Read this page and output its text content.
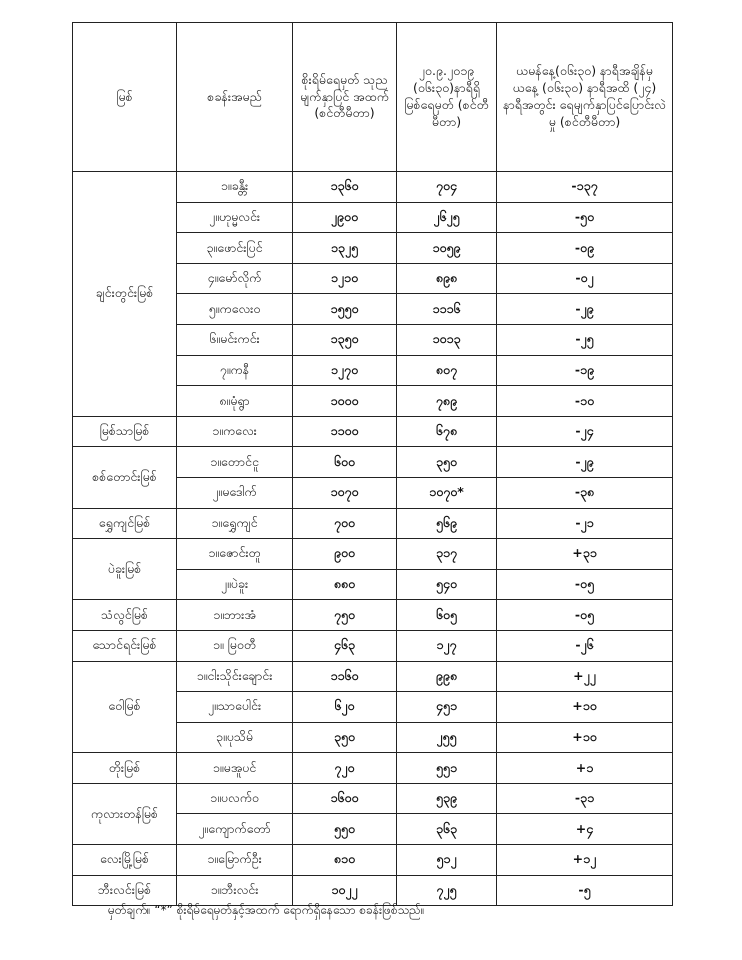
မြစ်	စခန်းအမည်	စိုးရိမ်ရေမှတ် သုည မျက်နှာပြင် အထက် (စင်တီမီတာ)	၂၀.၉.၂၀၁၉ (၀၆း၃၀)နာရီရှိ မြစ်ရေမှတ် (စင်တီမီတာ)	ယမန်နေ့(၀၆း၃၀) နာရီအချိန်မှ ယနေ့ (၀၆း၃၀) နာရီအထိ (၂၄) နာရီအတွင်း ရေမျက်နှာပြင်ပြောင်းလဲမှု (စင်တီမီတာ)

ချင်းတွင်းမြစ်	၁။ခန္တီး	၁၃၆၀	၇၀၄	-၁၃၇
	၂။ဟုမ္မလင်း	၂၉၀၀	၂၆၂၅	-၅၀
	၃။ဖောင်းပြင်	၁၃၂၅	၁၀၅၉	-၀၉
	၄။မော်လိုက်	၁၂၁၀	၈၉၈	-၀၂
	၅။ကလေးဝ	၁၅၅၀	၁၁၁၆	-၂၉
	၆။မင်းကင်း	၁၃၅၀	၁၀၁၃	-၂၅
	၇။ကနီ	၁၂၇၀	၈၀၇	-၁၉
	၈။မုံရွာ	၁၀၀၀	၇၈၉	-၁၀
မြစ်သာမြစ်	၁။ကလေး	၁၁၀၀	၆၇၈	-၂၄
စစ်တောင်းမြစ်	၁။တောင်ငူ	၆၀၀	၃၅၀	-၂၉
	၂။မဒေါက်	၁၀၇၀	၁၀၇၀*	-၃၈
ရွှေကျင်မြစ်	၁။ရွှေကျင်	၇၀၀	၅၆၉	-၂၁
ပဲခူးမြစ်	၁။ဇောင်းတူ	၉၀၀	၃၁၇	+၃၁
	၂။ပဲခူး	၈၈၀	၅၄၀	-၀၅
သံလွင်မြစ်	၁။ဘားအံ	၇၅၀	၆၀၅	-၀၅
သောင်ရင်းမြစ်	၁။ မြဝတီ	၄၆၃	၁၂၇	-၂၆
ဝေါမြစ်	၁။ငါးသိုင်းချောင်း	၁၁၆၀	၉၉၈	+၂၂
	၂။သာပေါင်း	၆၂၀	၄၅၁	+၁၀
	၃။ပုသိမ်	၃၅၀	၂၅၅	+၁၀
တိုးမြစ်	၁။မအူပင်	၇၂၀	၅၅၁	+၁
ကုလားတန်မြစ်	၁။ပလက်ဝ	၁၆၀၀	၅၃၉	-၃၁
	၂။ကျောက်တော်	၅၅၀	၃၆၃	+၄
လေးမြို့မြစ်	၁။မြောက်ဦး	၈၁၀	၅၁၂	+၁၂
ဘီးလင်းမြစ်	၁။ဘီးလင်း	၁၀၂၂	၇၂၅	-၅
မှတ်ချက်။ “*” စိုးရိမ်ရေမှတ်နှင့်အထက် ရောက်ရှိနေသော စခန်းဖြစ်သည်။
